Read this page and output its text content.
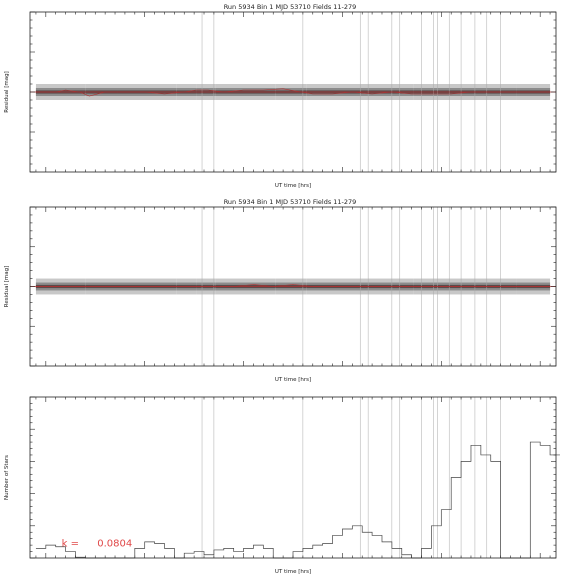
Run 5934 Bin 1 MJD 53710 Fields 11-279
UT time [hrs]
Residual [mag]
Run 5934 Bin 1 MJD 53710 Fields 11-279
UT time [hrs]
Residual [mag]
k = 0.0804
UT time [hrs]
Number of Stars
